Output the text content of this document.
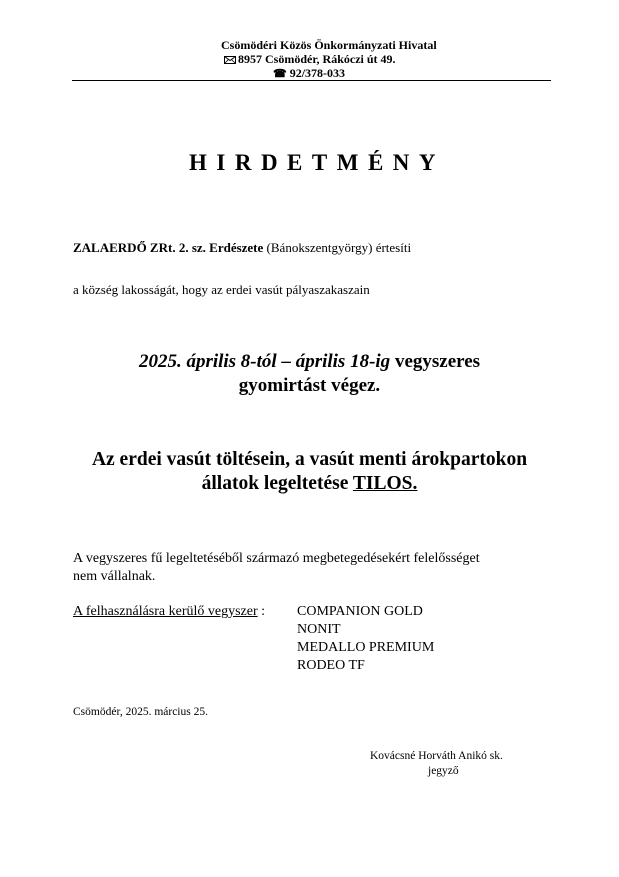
Csömödéri Közös Önkormányzati Hivatal
8957 Csömödér, Rákóczi út 49.
☎ 92/378-033
HIRDETMÉNY
ZALAERDŐ ZRt. 2. sz. Erdészete (Bánokszentgyörgy) értesíti
a község lakosságát, hogy az erdei vasút pályaszakaszain
2025. április 8-tól – április 18-ig vegyszeres
gyomirtást végez.
Az erdei vasút töltésein, a vasút menti árokpartokon
állatok legeltetése TILOS.
A vegyszeres fű legeltetéséből származó megbetegedésekért felelősséget
nem vállalnak.
A felhasználásra kerülő vegyszer : COMPANION GOLD
NONIT
MEDALLO PREMIUM
RODEO TF
Csömödér, 2025. március 25.
Kovácsné Horváth Anikó sk.
jegyző
